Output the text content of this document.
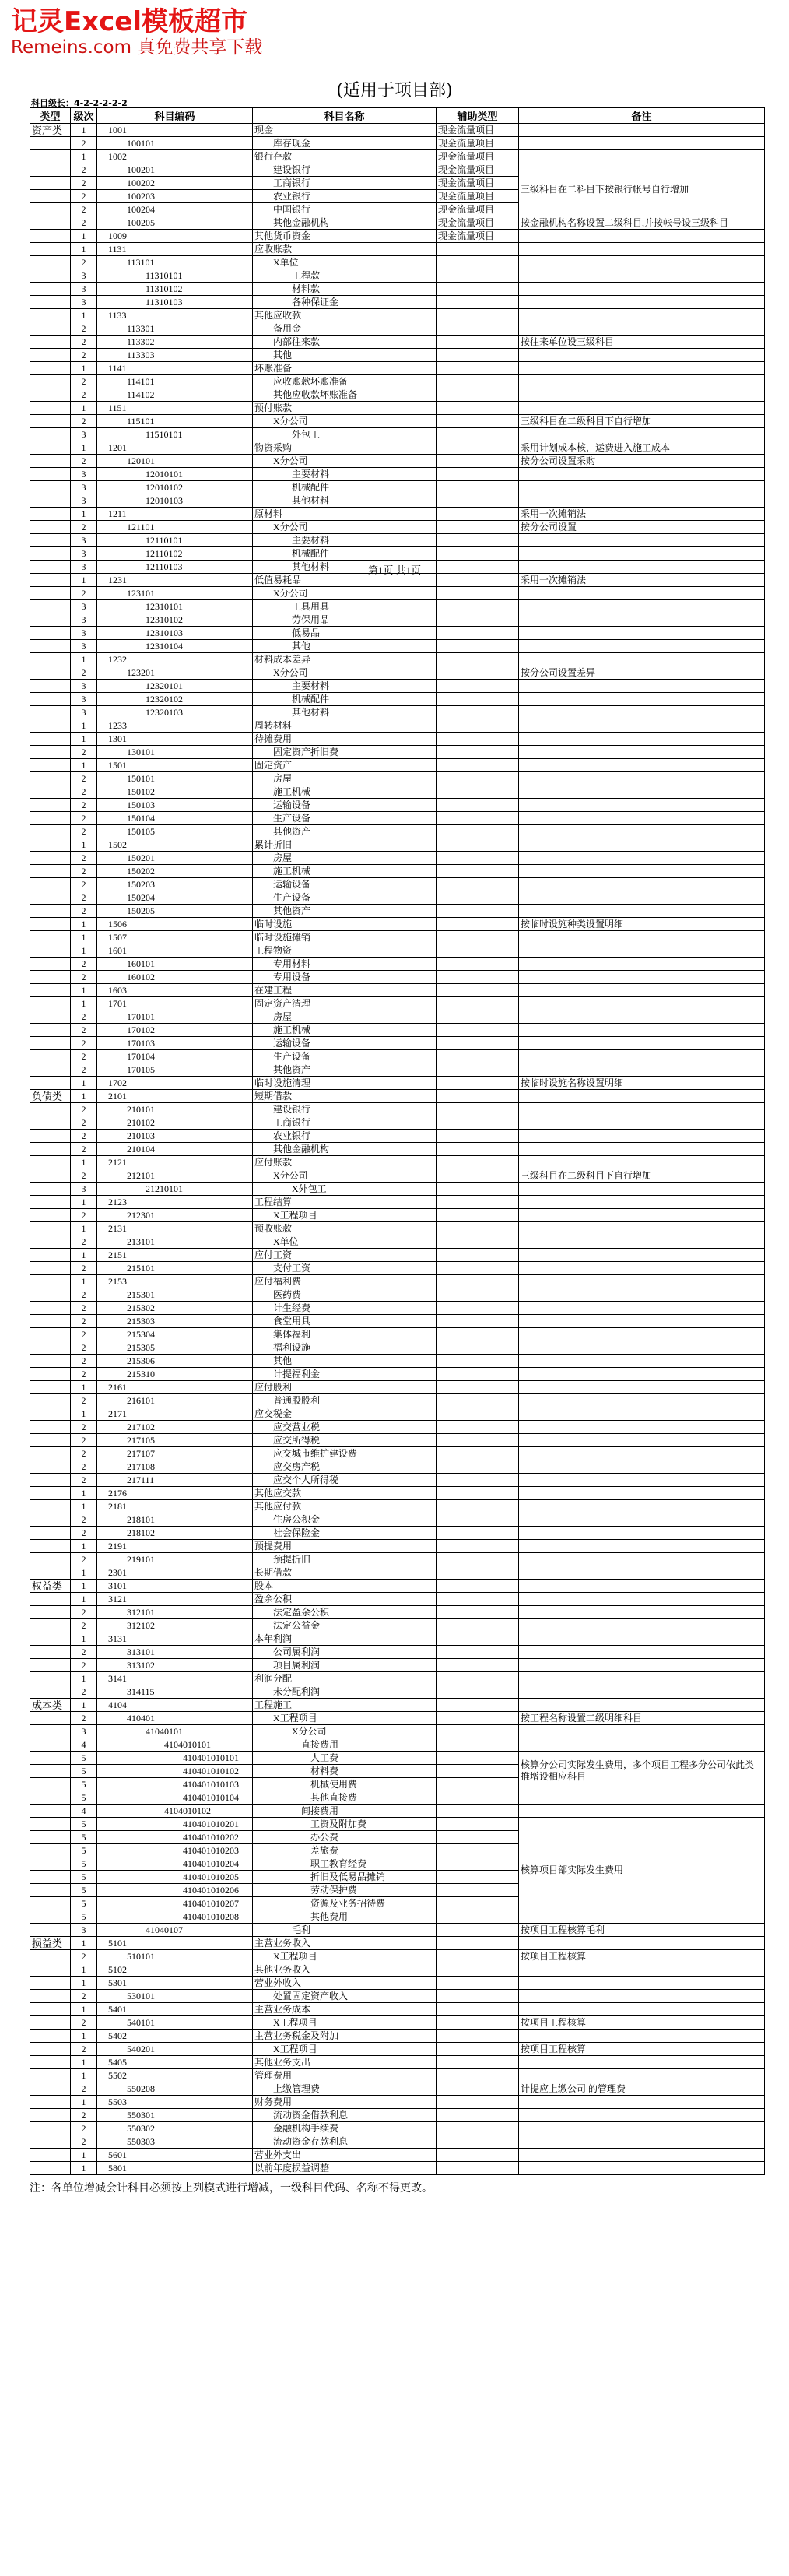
记灵Excel模板超市
Remeins.com 真免费共享下载
(适用于项目部)
科目级长：4-2-2-2-2-2
类型	级次	科目编码	科目名称	辅助类型	备注
资产类	1	1001	现金	现金流量项目	
	2	100101	库存现金	现金流量项目	
	1	1002	银行存款	现金流量项目	
	2	100201	建设银行	现金流量项目	三级科目在二科目下按银行帐号自行增加
	2	100202	工商银行	现金流量项目	
	2	100203	农业银行	现金流量项目	
	2	100204	中国银行	现金流量项目	
	2	100205	其他金融机构	现金流量项目	按金融机构名称设置二级科目,并按帐号设三级科目
	1	1009	其他货币资金	现金流量项目	
	1	1131	应收账款		
	2	113101	X单位		
	3	11310101	工程款		
	3	11310102	材料款		
	3	11310103	各种保证金		
	1	1133	其他应收款		
	2	113301	备用金		
	2	113302	内部往来款		按往来单位设三级科目
	2	113303	其他		
	1	1141	坏账准备		
	2	114101	应收账款坏账准备		
	2	114102	其他应收款坏账准备		
	1	1151	预付账款		
	2	115101	X分公司		三级科目在二级科目下自行增加
	3	11510101	外包工		
	1	1201	物资采购		采用计划成本核，运费进入施工成本
	2	120101	X分公司		按分公司设置采购
	3	12010101	主要材料		
	3	12010102	机械配件		
	3	12010103	其他材料		
	1	1211	原材料		采用一次摊销法
	2	121101	X分公司		按分公司设置
	3	12110101	主要材料		
	3	12110102	机械配件		
	3	12110103	其他材料		
	1	1231	低值易耗品		采用一次摊销法
	2	123101	X分公司		
	3	12310101	工具用具		
	3	12310102	劳保用品		
	3	12310103	低易品		
	3	12310104	其他		
	1	1232	材料成本差异		
	2	123201	X分公司		按分公司设置差异
	3	12320101	主要材料		
	3	12320102	机械配件		
	3	12320103	其他材料		
	1	1233	周转材料		
	1	1301	待摊费用		
	2	130101	固定资产折旧费		
	1	1501	固定资产		
	2	150101	房屋		
	2	150102	施工机械		
	2	150103	运输设备		
	2	150104	生产设备		
	2	150105	其他资产		
	1	1502	累计折旧		
	2	150201	房屋		
	2	150202	施工机械		
	2	150203	运输设备		
	2	150204	生产设备		
	2	150205	其他资产		
	1	1506	临时设施		按临时设施种类设置明细
	1	1507	临时设施摊销		
	1	1601	工程物资		
	2	160101	专用材料		
	2	160102	专用设备		
	1	1603	在建工程		
	1	1701	固定资产清理		
	2	170101	房屋		
	2	170102	施工机械		
	2	170103	运输设备		
	2	170104	生产设备		
	2	170105	其他资产		
	1	1702	临时设施清理		按临时设施名称设置明细
负债类	1	2101	短期借款		
	2	210101	建设银行		
	2	210102	工商银行		
	2	210103	农业银行		
	2	210104	其他金融机构		
	1	2121	应付账款		
	2	212101	X分公司		三级科目在二级科目下自行增加
	3	21210101	X外包工		
	1	2123	工程结算		
	2	212301	X工程项目		
	1	2131	预收账款		
	2	213101	X单位		
	1	2151	应付工资		
	2	215101	支付工资		
	1	2153	应付福利费		
	2	215301	医药费		
	2	215302	计生经费		
	2	215303	食堂用具		
	2	215304	集体福利		
	2	215305	福利设施		
	2	215306	其他		
	2	215310	计提福利金		
	1	2161	应付股利		
	2	216101	普通股股利		
	1	2171	应交税金		
	2	217102	应交营业税		
	2	217105	应交所得税		
	2	217107	应交城市维护建设费		
	2	217108	应交房产税		
	2	217111	应交个人所得税		
	1	2176	其他应交款		
	1	2181	其他应付款		
	2	218101	住房公积金		
	2	218102	社会保险金		
	1	2191	预提费用		
	2	219101	预提折旧		
	1	2301	长期借款		
权益类	1	3101	股本		
	1	3121	盈余公积		
	2	312101	法定盈余公积		
	2	312102	法定公益金		
	1	3131	本年利润		
	2	313101	公司属利润		
	2	313102	项目属利润		
	1	3141	利润分配		
	2	314115	未分配利润		
成本类	1	4104	工程施工		
	2	410401	X工程项目		按工程名称设置二级明细科目
	3	41040101	X分公司		
	4	4104010101	直接费用		
	5	410401010101	人工费		核算分公司实际发生费用，多个项目工程多分公司依此类推增设相应科目
	5	410401010102	材料费		
	5	410401010103	机械使用费		
	5	410401010104	其他直接费		
	4	4104010102	间接费用		
	5	410401010201	工资及附加费		核算项目部实际发生费用
	5	410401010202	办公费		
	5	410401010203	差旅费		
	5	410401010204	职工教育经费		
	5	410401010205	折旧及低易品摊销		
	5	410401010206	劳动保护费		
	5	410401010207	资源及业务招待费		
	5	410401010208	其他费用		
	3	41040107	毛利		按项目工程核算毛利
损益类	1	5101	主营业务收入		
	2	510101	X工程项目		按项目工程核算
	1	5102	其他业务收入		
	1	5301	营业外收入		
	2	530101	处置固定资产收入		
	1	5401	主营业务成本		
	2	540101	X工程项目		按项目工程核算
	1	5402	主营业务税金及附加		
	2	540201	X工程项目		按项目工程核算
	1	5405	其他业务支出		
	1	5502	管理费用		
	2	550208	上缴管理费		计提应上缴公司 的管理费
	1	5503	财务费用		
	2	550301	流动资金借款利息		
	2	550302	金融机构手续费		
	2	550303	流动资金存款利息		
	1	5601	营业外支出		
	1	5801	以前年度损益调整		
第1页 共1页
注：各单位增减会计科目必须按上列模式进行增减，一级科目代码、名称不得更改。
